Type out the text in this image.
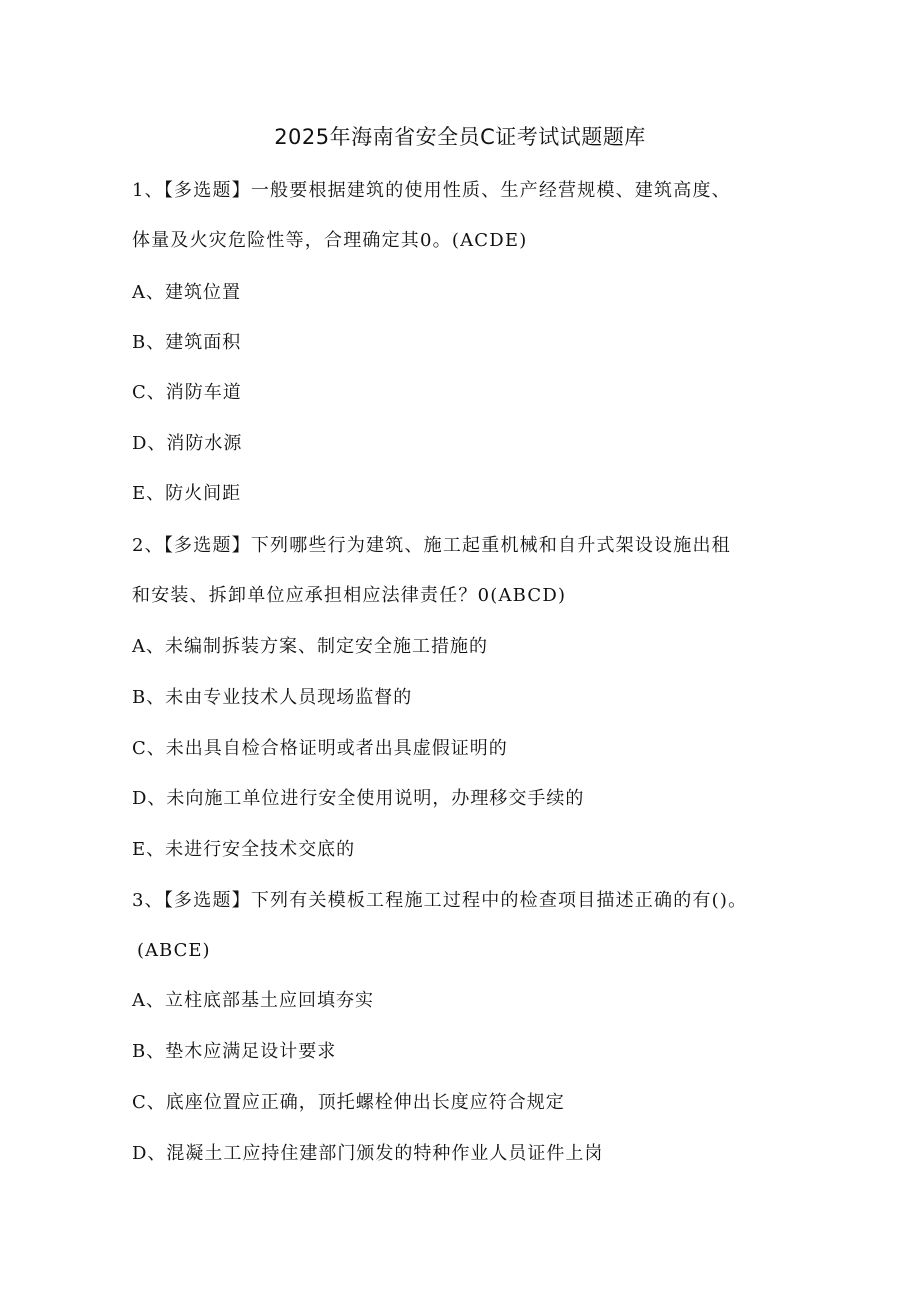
2025年海南省安全员C证考试试题题库
1、【多选题】一般要根据建筑的使用性质、生产经营规模、建筑高度、
体量及火灾危险性等，合理确定其0。(ACDE)
A、建筑位置
B、建筑面积
C、消防车道
D、消防水源
E、防火间距
2、【多选题】下列哪些行为建筑、施工起重机械和自升式架设设施出租
和安装、拆卸单位应承担相应法律责任？0(ABCD)
A、未编制拆装方案、制定安全施工措施的
B、未由专业技术人员现场监督的
C、未出具自检合格证明或者出具虚假证明的
D、未向施工单位进行安全使用说明，办理移交手续的
E、未进行安全技术交底的
3、【多选题】下列有关模板工程施工过程中的检查项目描述正确的有()。
(ABCE)
A、立柱底部基土应回填夯实
B、垫木应满足设计要求
C、底座位置应正确，顶托螺栓伸出长度应符合规定
D、混凝土工应持住建部门颁发的特种作业人员证件上岗
